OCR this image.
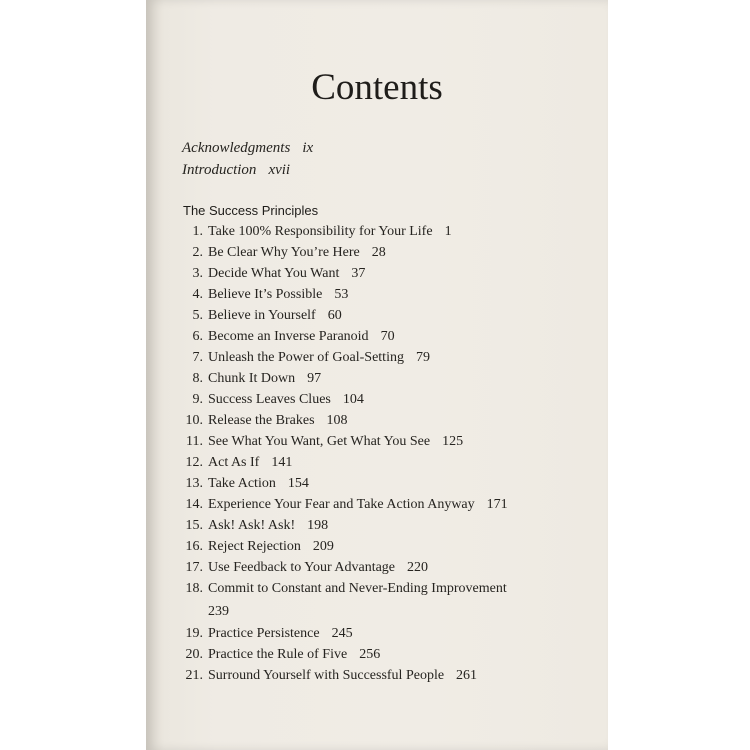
Contents
Acknowledgments ix
Introduction xvii
The Success Principles
1. Take 100% Responsibility for Your Life 1
2. Be Clear Why You’re Here 28
3. Decide What You Want 37
4. Believe It’s Possible 53
5. Believe in Yourself 60
6. Become an Inverse Paranoid 70
7. Unleash the Power of Goal-Setting 79
8. Chunk It Down 97
9. Success Leaves Clues 104
10. Release the Brakes 108
11. See What You Want, Get What You See 125
12. Act As If 141
13. Take Action 154
14. Experience Your Fear and Take Action Anyway 171
15. Ask! Ask! Ask! 198
16. Reject Rejection 209
17. Use Feedback to Your Advantage 220
18. Commit to Constant and Never-Ending Improvement
239
19. Practice Persistence 245
20. Practice the Rule of Five 256
21. Surround Yourself with Successful People 261
